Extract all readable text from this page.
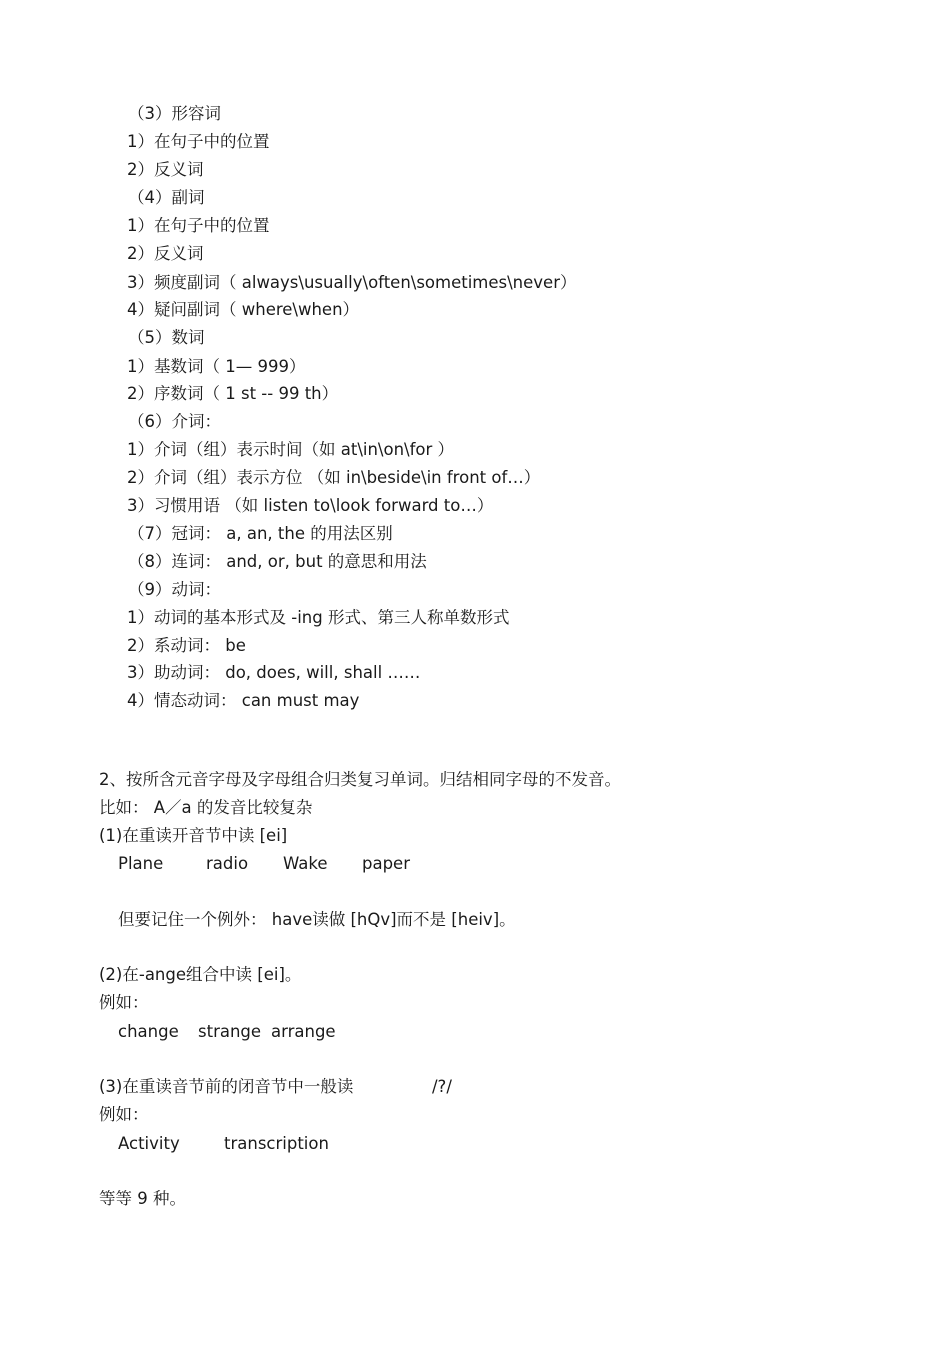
（3）形容词
1）在句子中的位置
2）反义词
（4）副词
1）在句子中的位置
2）反义词
3）频度副词（ always\usually\often\sometimes\never）
4）疑问副词（ where\when）
（5）数词
1）基数词（ 1— 999）
2）序数词（ 1 st -- 99 th）
（6）介词：
1）介词（组）表示时间（如 at\in\on\for ）
2）介词（组）表示方位 （如 in\beside\in front of…）
3）习惯用语 （如 listen to\look forward to…）
（7）冠词： a, an, the 的用法区别
（8）连词： and, or, but 的意思和用法
（9）动词：
1）动词的基本形式及 -ing 形式、第三人称单数形式
2）系动词： be
3）助动词： do, does, will, shall ……
4）情态动词： can must may
2、按所含元音字母及字母组合归类复习单词。归结相同字母的不发音。
比如： A／a 的发音比较复杂
(1)在重读开音节中读 [ei]
Plane	radio Wake paper
但要记住一个例外： have读做 [hQv]而不是 [heiv]。
(2)在-ange组合中读 [ei]。
例如：
change strange arrange
(3)在重读音节前的闭音节中一般读	/?/
例如：
Activity	transcription
等等 9 种。
